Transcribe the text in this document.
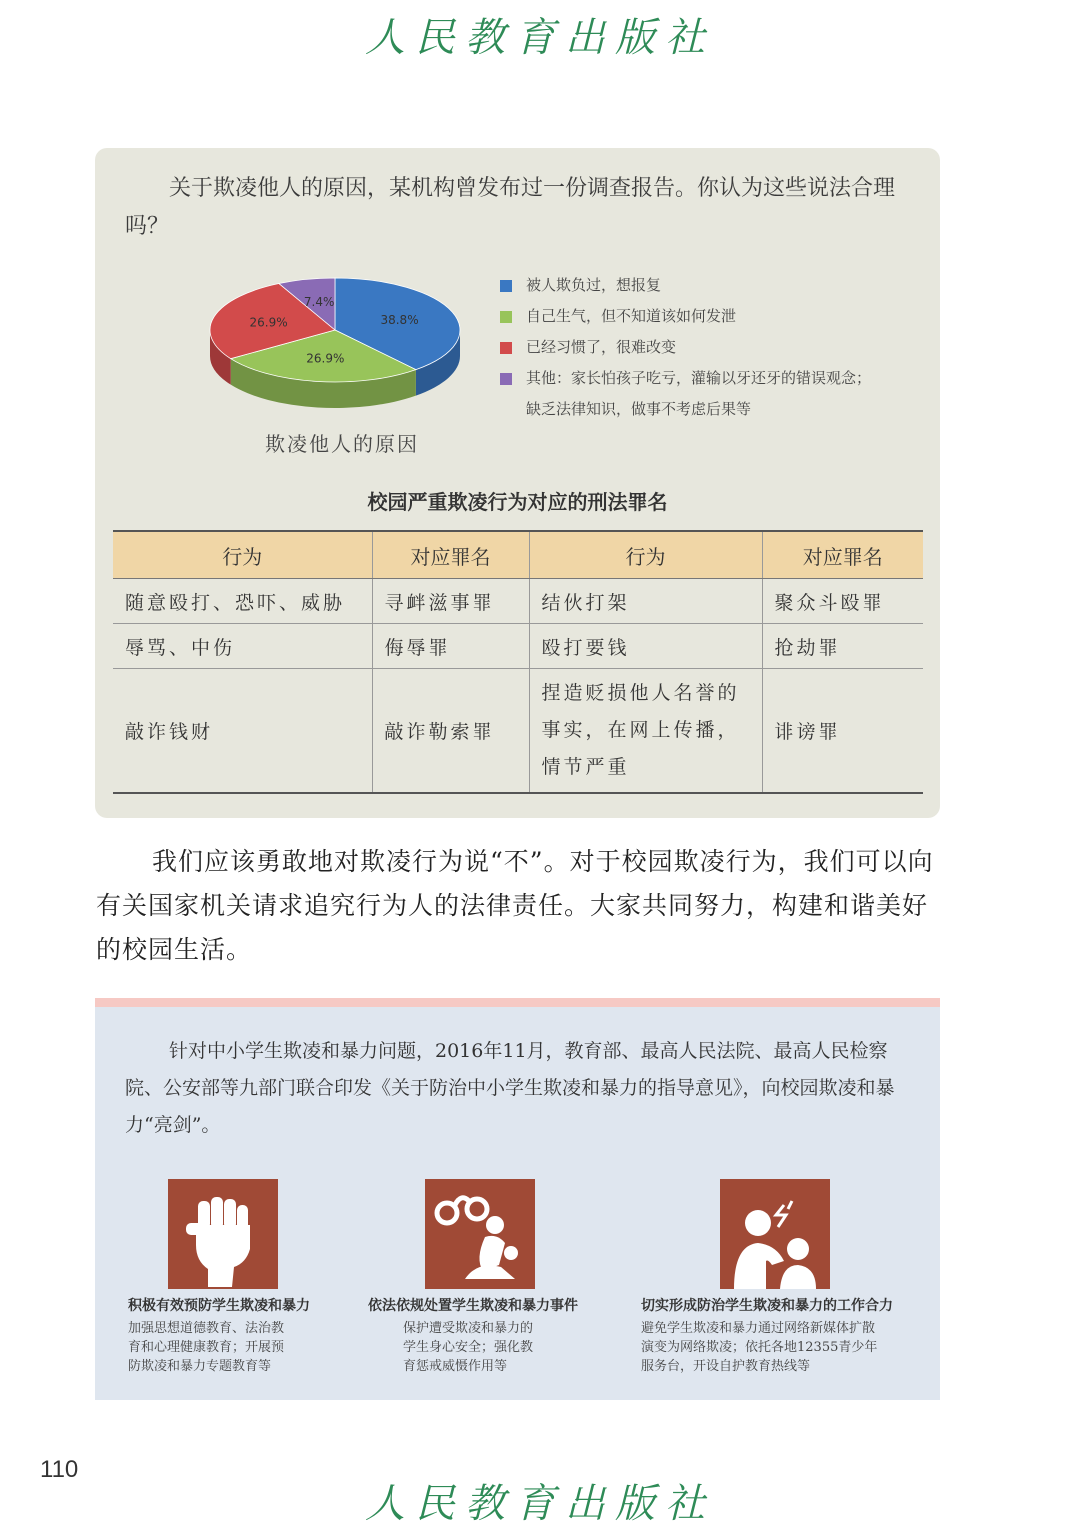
人民教育出版社
关于欺凌他人的原因，某机构曾发布过一份调查报告。你认为这些说法合理吗？
38.8%
26.9%
26.9%
7.4%
欺凌他人的原因
被人欺负过，想报复
自己生气，但不知道该如何发泄
已经习惯了，很难改变
其他：家长怕孩子吃亏，灌输以牙还牙的错误观念；
缺乏法律知识，做事不考虑后果等
校园严重欺凌行为对应的刑法罪名
行为	对应罪名	行为	对应罪名
随意殴打、恐吓、威胁	寻衅滋事罪	结伙打架	聚众斗殴罪
辱骂、中伤	侮辱罪	殴打要钱	抢劫罪
敲诈钱财	敲诈勒索罪	捏造贬损他人名誉的事实，在网上传播，情节严重	诽谤罪
我们应该勇敢地对欺凌行为说“不”。对于校园欺凌行为，我们可以向有关国家机关请求追究行为人的法律责任。大家共同努力，构建和谐美好的校园生活。
针对中小学生欺凌和暴力问题，2016年11月，教育部、最高人民法院、最高人民检察院、公安部等九部门联合印发《关于防治中小学生欺凌和暴力的指导意见》，向校园欺凌和暴力“亮剑”。
积极有效预防学生欺凌和暴力	依法依规处置学生欺凌和暴力事件	切实形成防治学生欺凌和暴力的工作合力
加强思想道德教育、法治教
育和心理健康教育；开展预
防欺凌和暴力专题教育等
保护遭受欺凌和暴力的
学生身心安全；强化教
育惩戒威慑作用等
避免学生欺凌和暴力通过网络新媒体扩散
演变为网络欺凌；依托各地12355青少年
服务台，开设自护教育热线等
110
人民教育出版社
